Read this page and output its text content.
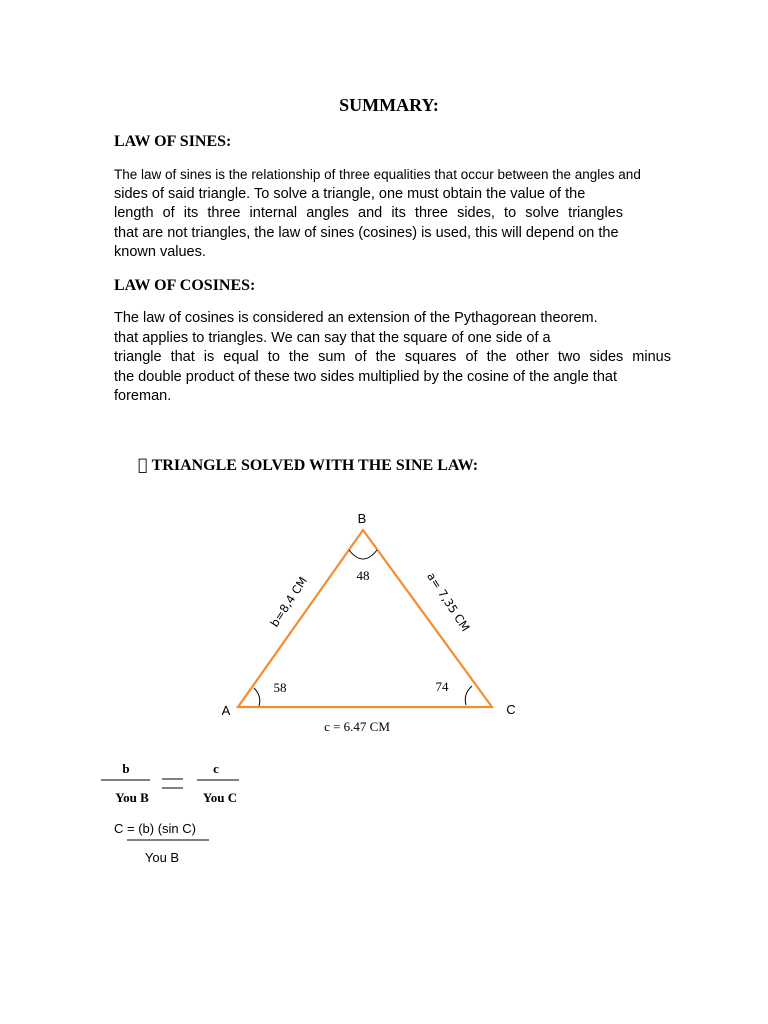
SUMMARY:
LAW OF SINES:
The law of sines is the relationship of three equalities that occur between the angles and
sides of said triangle. To solve a triangle, one must obtain the value of the
length of its three internal angles and its three sides, to solve triangles
that are not triangles, the law of sines (cosines) is used, this will depend on the
known values.
LAW OF COSINES:
The law of cosines is considered an extension of the Pythagorean theorem.
that applies to triangles. We can say that the square of one side of a
triangle that is equal to the sum of the squares of the other two sides minus
the double product of these two sides multiplied by the cosine of the angle that
foreman.
TRIANGLE SOLVED WITH THE SINE LAW:
B
A	C
48
58	74
b=8,4 CM	a= 7,35 CM
c = 6.47 CM
b
You B
c
You C
C = (b) (sin C)
You B
